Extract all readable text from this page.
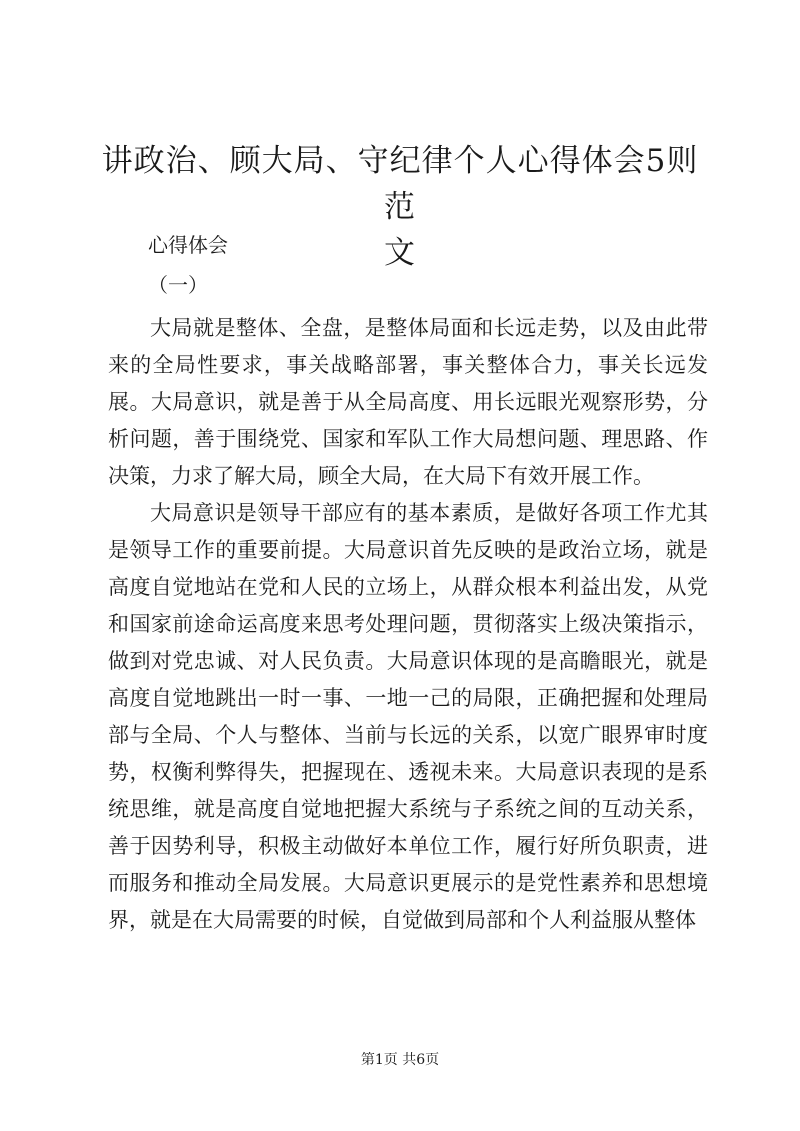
讲政治、顾大局、守纪律个人心得体会5则范
文

心得体会

（一）

大局就是整体、全盘，是整体局面和长远走势，以及由此带来的全局性要求，事关战略部署，事关整体合力，事关长远发展。大局意识，就是善于从全局高度、用长远眼光观察形势，分析问题，善于围绕党、国家和军队工作大局想问题、理思路、作决策，力求了解大局，顾全大局，在大局下有效开展工作。

大局意识是领导干部应有的基本素质，是做好各项工作尤其是领导工作的重要前提。大局意识首先反映的是政治立场，就是高度自觉地站在党和人民的立场上，从群众根本利益出发，从党和国家前途命运高度来思考处理问题，贯彻落实上级决策指示，做到对党忠诚、对人民负责。大局意识体现的是高瞻眼光，就是高度自觉地跳出一时一事、一地一己的局限，正确把握和处理局部与全局、个人与整体、当前与长远的关系，以宽广眼界审时度势，权衡利弊得失，把握现在、透视未来。大局意识表现的是系统思维，就是高度自觉地把握大系统与子系统之间的互动关系，善于因势利导，积极主动做好本单位工作，履行好所负职责，进而服务和推动全局发展。大局意识更展示的是党性素养和思想境界，就是在大局需要的时候，自觉做到局部和个人利益服从整体

第1页 共6页
